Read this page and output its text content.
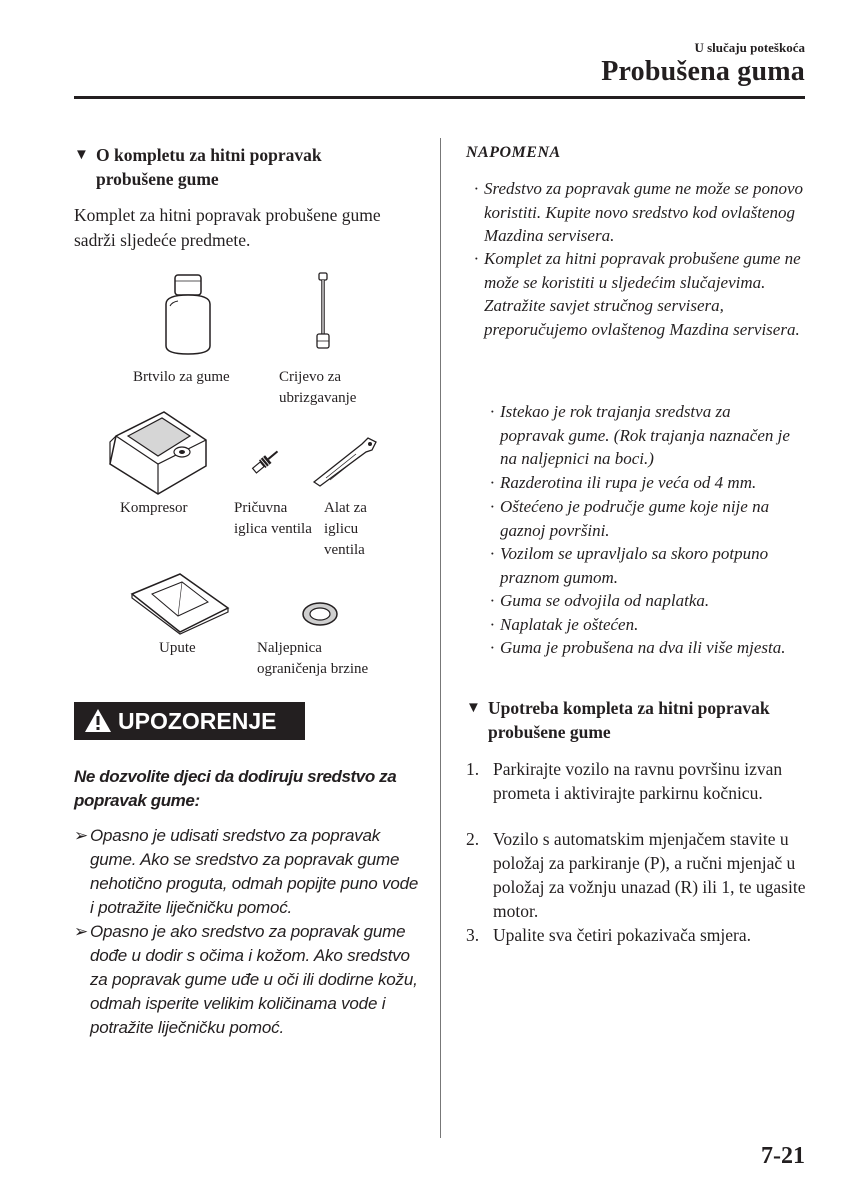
U slučaju poteškoća
Probušena guma
▼ O kompletu za hitni popravak probušene gume
Komplet za hitni popravak probušene gume sadrži sljedeće predmete.
Brtvilo za gume	Crijevo za ubrizgavanje
Kompresor	Pričuvna iglica ventila
Alat za iglicu ventila
Upute	Naljepnica ograničenja brzine
UPOZORENJE
Ne dozvolite djeci da dodiruju sredstvo za popravak gume:
➢ Opasno je udisati sredstvo za popravak gume. Ako se sredstvo za popravak gume nehotično proguta, odmah popijte puno vode i potražite liječničku pomoć.
➢ Opasno je ako sredstvo za popravak gume dođe u dodir s očima i kožom. Ako sredstvo za popravak gume uđe u oči ili dodirne kožu, odmah isperite velikim količinama vode i potražite liječničku pomoć.
NAPOMENA
· Sredstvo za popravak gume ne može se ponovo koristiti. Kupite novo sredstvo kod ovlaštenog Mazdina servisera.
· Komplet za hitni popravak probušene gume ne može se koristiti u sljedećim slučajevima. Zatražite savjet stručnog servisera, preporučujemo ovlaštenog Mazdina servisera.
· Istekao je rok trajanja sredstva za popravak gume. (Rok trajanja naznačen je na naljepnici na boci.)
· Razderotina ili rupa je veća od 4 mm.
· Oštećeno je područje gume koje nije na gaznoj površini.
· Vozilom se upravljalo sa skoro potpuno praznom gumom.
· Guma se odvojila od naplatka.
· Naplatak je oštećen.
· Guma je probušena na dva ili više mjesta.
▼ Upotreba kompleta za hitni popravak probušene gume
1. Parkirajte vozilo na ravnu površinu izvan prometa i aktivirajte parkirnu kočnicu.
2. Vozilo s automatskim mjenjačem stavite u položaj za parkiranje (P), a ručni mjenjač u položaj za vožnju unazad (R) ili 1, te ugasite motor.
3. Upalite sva četiri pokazivača smjera.
7-21
